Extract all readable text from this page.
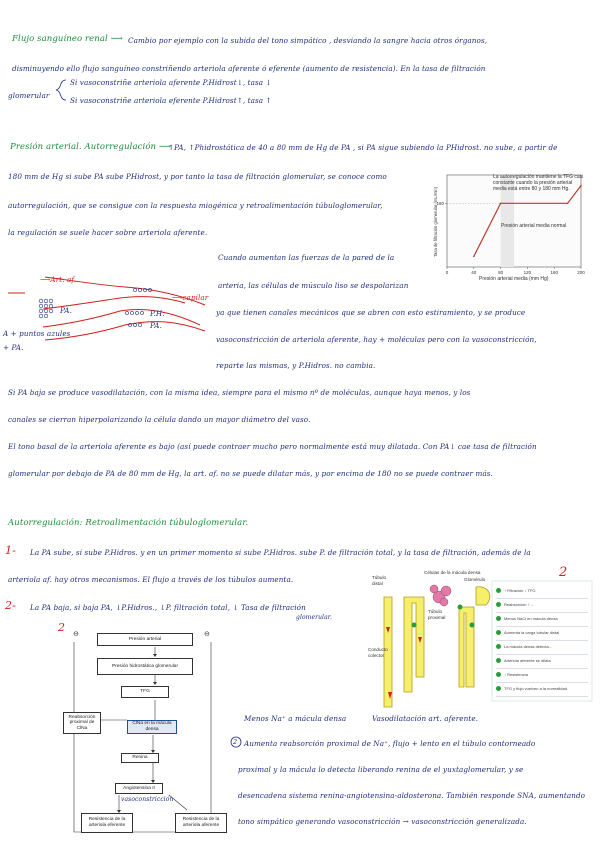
Flujo sanguíneo renal ⟶ Cambio por ejemplo con la subida del tono simpático , desviando la sangre hacia otros órganos,
disminuyendo ello flujo sanguíneo constriñendo arteriola aferente ó eferente (aumento de resistencia). En la tasa de filtración
glomerular
Si vasoconstriñe arteriola aferente P.Hidrost↓, tasa ↓
Si vasoconstriñe arteriola eferente P.Hidrost↑, tasa ↑
Presión arterial. Autorregulación ⟶
↑PA, ↑Phidrostática de 40 a 80 mm de Hg de PA , si PA sigue subiendo la PHidrost. no sube, a partir de
180 mm de Hg si sube PA sube PHidrost, y por tanto la tasa de filtración glomerular, se conoce como
autorregulación, que se consigue con la respuesta miogénica y retroalimentación túbuloglomerular,
la regulación se suele hacer sobre arteriola aferente.
Cuando aumentan las fuerzas de la pared de la
arteria, las células de músculo liso se despolarizan
ya que tienen canales mecánicos que se abren con esto estiramiento, y se produce
vasoconstricción de arteriola aferente, hay + moléculas pero con la vasoconstricción,
reparte las mismas, y P.Hidros. no cambia.
Si PA baja se produce vasodilatación, con la misma idea, siempre para el mismo nº de moléculas, aunque haya menos, y los
canales se cierran hiperpolarizando la célula dando un mayor diámetro del vaso.
El tono basal de la arteriola aferente es bajo (así puede contraer mucho pero normalmente está muy dilatada. Con PA↓ cae tasa de filtración
glomerular por debajo de PA de 80 mm de Hg, la art. af. no se puede dilatar más, y por encima de 180 no se puede contraer más.
0	40	80	120	160	200
180
La autorregulación mantiene la TFG casi constante cuando la presión arterial media está entre 80 y 180 mm Hg.
Presión arterial media normal
Presión arterial media (mm Hg)
Tasa de filtración glomerular (mL/min)
⟶Art. af.
⟶capilar
PA.	P.H.
PA.
A + puntos azules
+ PA.
Autorregulación: Retroalimentación túbuloglomerular.
1- La PA sube, si sube P.Hidros. y en un primer momento si sube P.Hidros. sube P. de filtración total, y la tasa de filtración, además de la
arteriola af. hay otros mecanismos. El flujo a través de los túbulos aumenta.
2- La PA baja, si baja PA, ↓P.Hidros., ↓P. filtración total, ↓ Tasa de filtración
glomerular.
2
⊖	⊖
Presión arterial
Presión hidrostática glomerular
TFG
Reabsorción proximal de ClNa
ClNa en la mácula densa
Renina
Angiotensina II
vasoconstricción
Resistencia de la arteriola eferente
Resistencia de la arteriola aferente
Túbulo distal
Células de la mácula densa
Glomérulo
Conducto colector
Túbulo proximal
2
↑ Filtración ↓ TFG
Reabsorción ↑ ...
Menos NaCl en mácula densa
Aumenta la carga tubular distal
La mácula densa detecta...
Arteriola aferente se dilata
↓ Resistencia
TFG y flujo vuelven a la normalidad
Menos Na⁺ a mácula densa	Vasodilatación art. aferente.
2 Aumenta reabsorción proximal de Na⁺, flujo + lento en el túbulo contorneado
proximal y la mácula lo detecta liberando renina de el yuxtaglomerular, y se
desencadena sistema renina-angiotensina-aldosterona. También responde SNA, aumentando
tono simpático generando vasoconstricción → vasoconstricción generalizada.
